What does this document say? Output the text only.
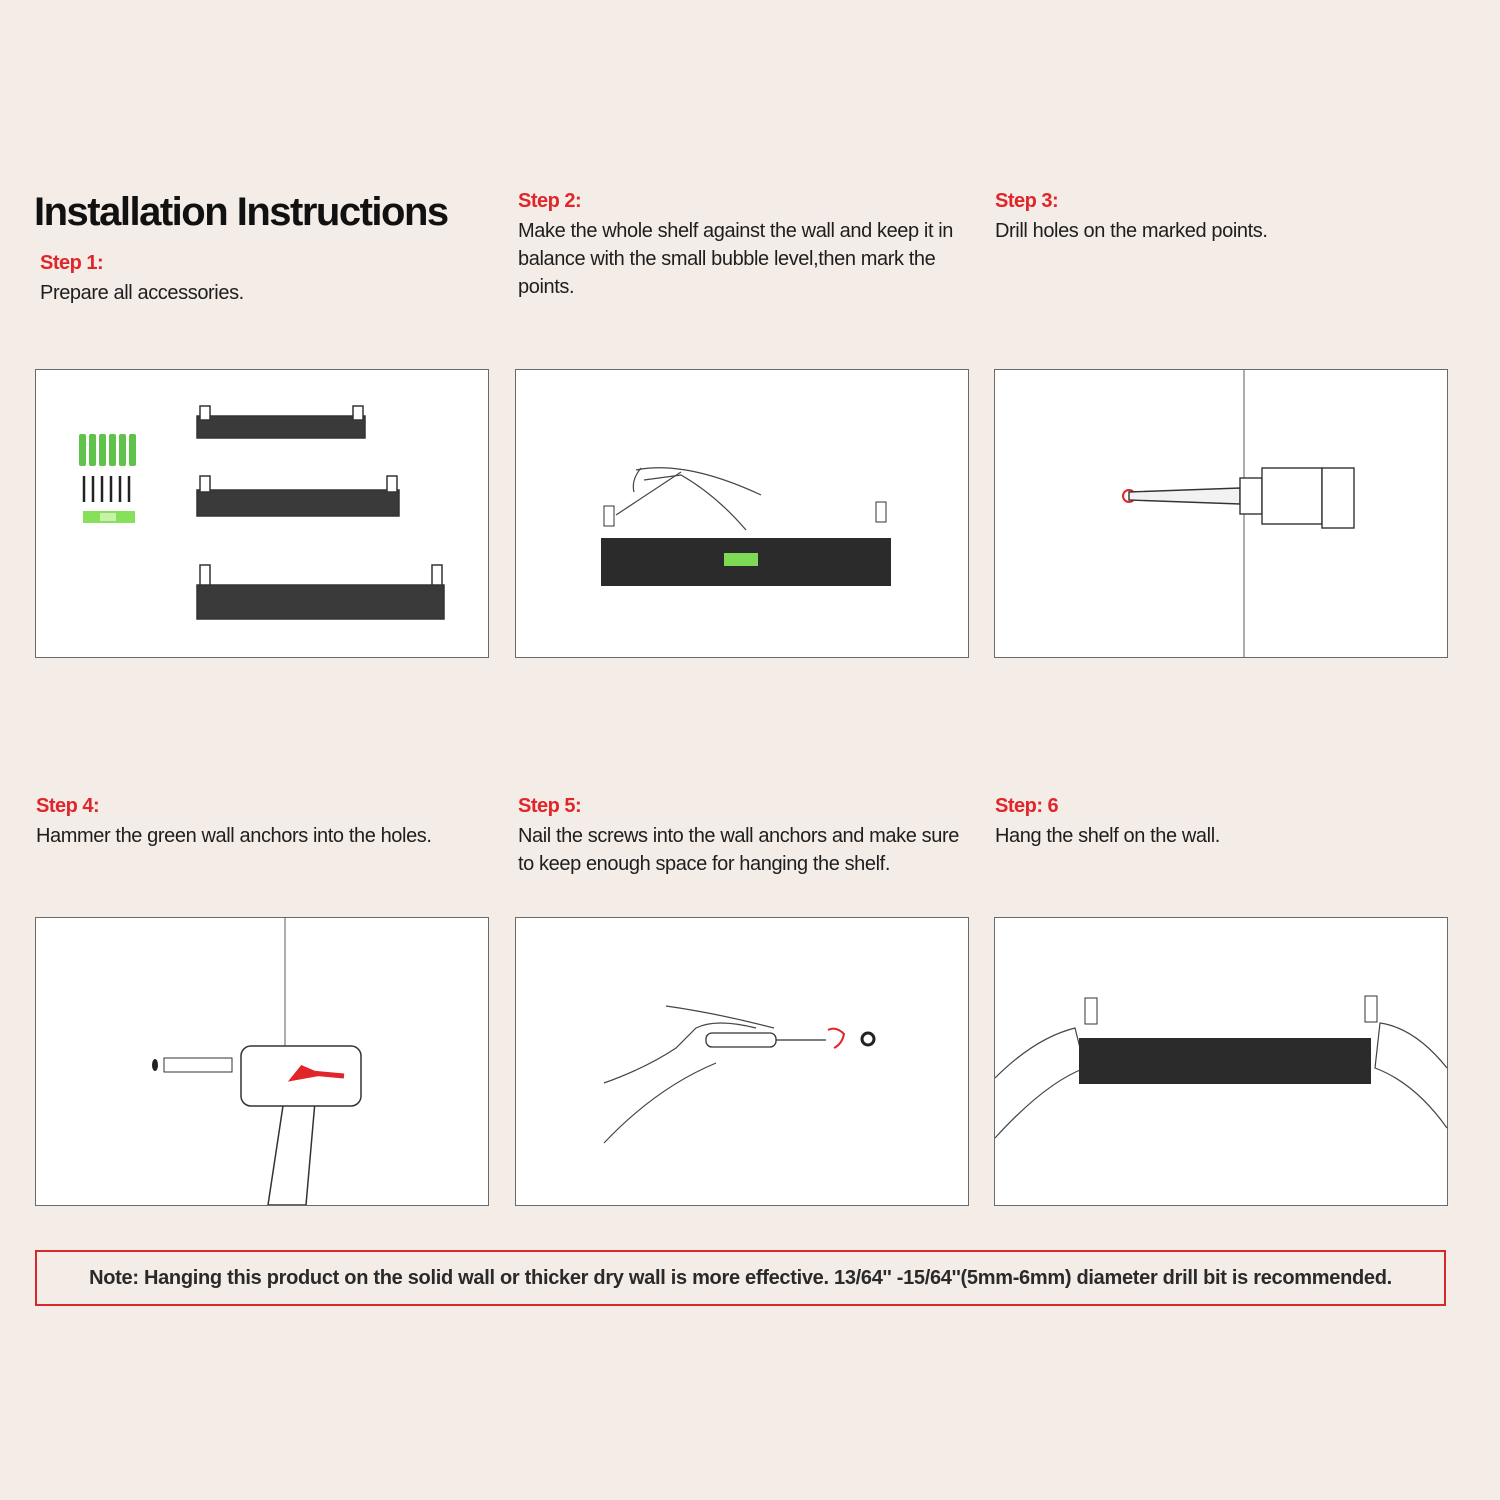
Installation Instructions
Step 1:
Prepare all accessories.
Step 2:
Make the whole shelf against the wall and keep it in balance with the small bubble level,then mark the points.
Step 3:
Drill holes on the marked points.
Step 4:
Hammer the green wall anchors into the holes.
Step 5:
Nail the screws into the wall anchors and make sure to keep enough space for hanging the shelf.
Step: 6
Hang the shelf on the wall.
Note: Hanging this product on the solid wall or thicker dry wall is more effective. 13/64'' -15/64''(5mm-6mm) diameter drill bit is recommended.
